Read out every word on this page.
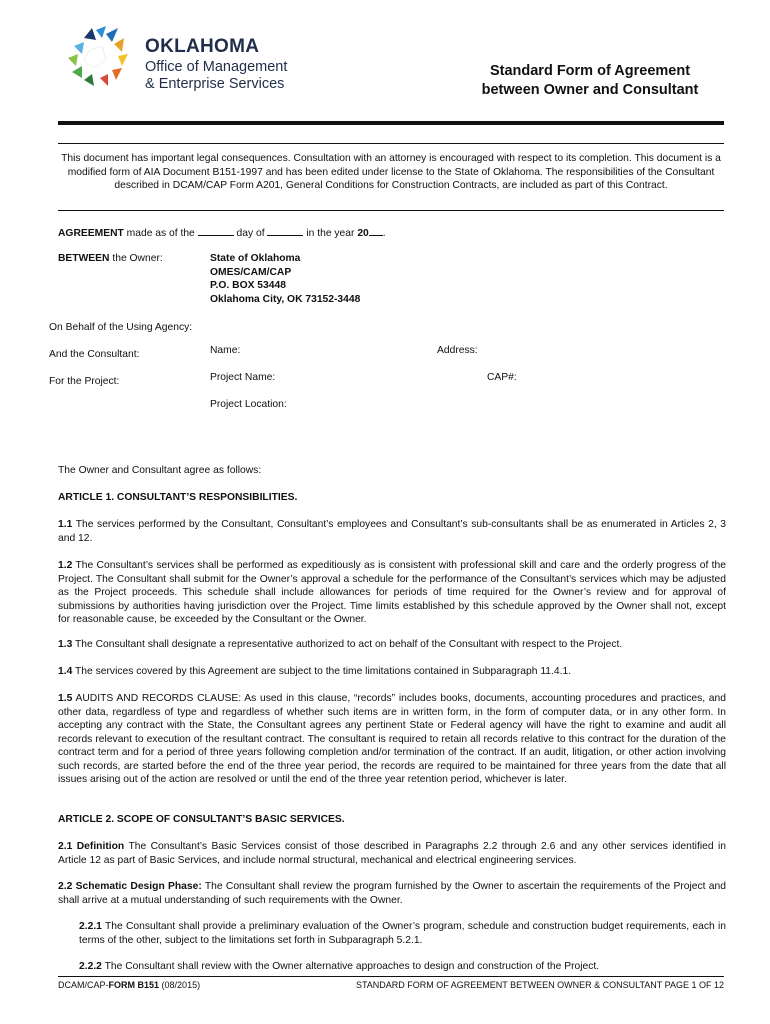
OKLAHOMA
Office of Management
& Enterprise Services
Standard Form of Agreement
between Owner and Consultant
This document has important legal consequences. Consultation with an attorney is encouraged with respect to its completion. This document is a modified form of AIA Document B151-1997 and has been edited under license to the State of Oklahoma. The responsibilities of the Consultant described in DCAM/CAP Form A201, General Conditions for Construction Contracts, are included as part of this Contract.
AGREEMENT made as of the	day of	in the year 20 .
BETWEEN the Owner:	State of Oklahoma
OMES/CAM/CAP
P.O. BOX 53448
Oklahoma City, OK 73152-3448
On Behalf of the Using Agency:
And the Consultant:	Name:	Address:
For the Project:	Project Name:	CAP#:
Project Location:
The Owner and Consultant agree as follows:
ARTICLE 1. CONSULTANT’S RESPONSIBILITIES.
1.1 The services performed by the Consultant, Consultant’s employees and Consultant’s sub-consultants shall be as enumerated in Articles 2, 3 and 12.
1.2 The Consultant’s services shall be performed as expeditiously as is consistent with professional skill and care and the orderly progress of the Project. The Consultant shall submit for the Owner’s approval a schedule for the performance of the Consultant’s services which may be adjusted as the Project proceeds. This schedule shall include allowances for periods of time required for the Owner’s review and for approval of submissions by authorities having jurisdiction over the Project. Time limits established by this schedule approved by the Owner shall not, except for reasonable cause, be exceeded by the Consultant or the Owner.
1.3 The Consultant shall designate a representative authorized to act on behalf of the Consultant with respect to the Project.
1.4 The services covered by this Agreement are subject to the time limitations contained in Subparagraph 11.4.1.
1.5 AUDITS AND RECORDS CLAUSE: As used in this clause, “records” includes books, documents, accounting procedures and practices, and other data, regardless of type and regardless of whether such items are in written form, in the form of computer data, or in any other form. In accepting any contract with the State, the Consultant agrees any pertinent State or Federal agency will have the right to examine and audit all records relevant to execution of the resultant contract. The consultant is required to retain all records relative to this contract for the duration of the contract term and for a period of three years following completion and/or termination of the contract. If an audit, litigation, or other action involving such records, are started before the end of the three year period, the records are required to be maintained for three years from the date that all issues arising out of the action are resolved or until the end of the three year retention period, whichever is later.
ARTICLE 2. SCOPE OF CONSULTANT’S BASIC SERVICES.
2.1 Definition The Consultant’s Basic Services consist of those described in Paragraphs 2.2 through 2.6 and any other services identified in Article 12 as part of Basic Services, and include normal structural, mechanical and electrical engineering services.
2.2 Schematic Design Phase: The Consultant shall review the program furnished by the Owner to ascertain the requirements of the Project and shall arrive at a mutual understanding of such requirements with the Owner.
2.2.1 The Consultant shall provide a preliminary evaluation of the Owner’s program, schedule and construction budget requirements, each in terms of the other, subject to the limitations set forth in Subparagraph 5.2.1.
2.2.2 The Consultant shall review with the Owner alternative approaches to design and construction of the Project.
DCAM/CAP-FORM B151 (08/2015)	STANDARD FORM OF AGREEMENT BETWEEN OWNER & CONSULTANT PAGE 1 OF 12
